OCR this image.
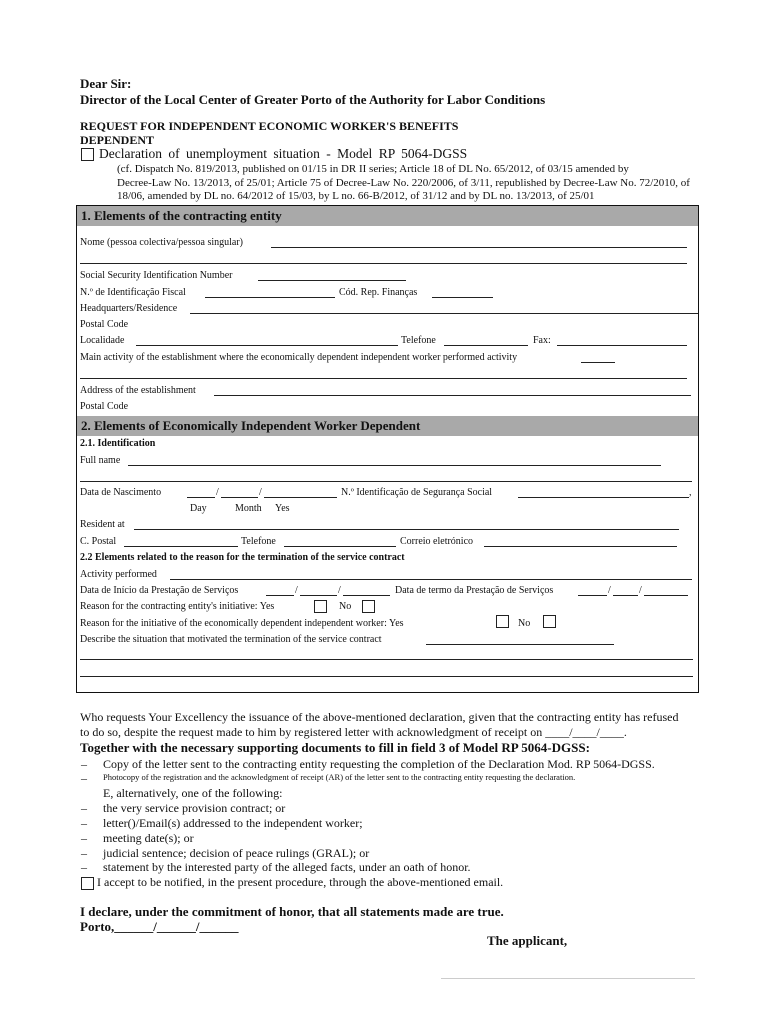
Dear Sir:
Director of the Local Center of Greater Porto of the Authority for Labor Conditions
REQUEST FOR INDEPENDENT ECONOMIC WORKER'S BENEFITS
DEPENDENT
Declaration of unemployment situation - Model RP 5064-DGSS
(cf. Dispatch No. 819/2013, published on 01/15 in DR II series; Article 18 of DL No. 65/2012, of 03/15 amended by
Decree-Law No. 13/2013, of 25/01; Article 75 of Decree-Law No. 220/2006, of 3/11, republished by Decree-Law No. 72/2010, of
18/06, amended by DL no. 64/2012 of 15/03, by L no. 66-B/2012, of 31/12 and by DL no. 13/2013, of 25/01
1. Elements of the contracting entity
Nome (pessoa colectiva/pessoa singular)
Social Security Identification Number
N.º de Identificação Fiscal	Cód. Rep. Finanças
Headquarters/Residence
Postal Code
Localidade	Telefone	Fax:
Main activity of the establishment where the economically dependent independent worker performed activity
Address of the establishment
Postal Code
2. Elements of Economically Independent Worker Dependent
2.1. Identification
Full name
Data de Nascimento	/	/	N.º Identificação de Segurança Social	,
Day	Month Yes
Resident at
C. Postal	Telefone	Correio eletrónico
2.2 Elements related to the reason for the termination of the service contract
Activity performed
Data de Início da Prestação de Serviços	/	/	Data de termo da Prestação de Serviços	/	/
Reason for the contracting entity's initiative: Yes	No
Reason for the initiative of the economically dependent independent worker: Yes	No
Describe the situation that motivated the termination of the service contract
Who requests Your Excellency the issuance of the above-mentioned declaration, given that the contracting entity has refused
to do so, despite the request made to him by registered letter with acknowledgment of receipt on ____/____/____.
Together with the necessary supporting documents to fill in field 3 of Model RP 5064-DGSS:
– Copy of the letter sent to the contracting entity requesting the completion of the Declaration Mod. RP 5064-DGSS.
– Photocopy of the registration and the acknowledgment of receipt (AR) of the letter sent to the contracting entity requesting the declaration.
E, alternatively, one of the following:
– the very service provision contract; or
– letter()/Email(s) addressed to the independent worker;
– meeting date(s); or
– judicial sentence; decision of peace rulings (GRAL); or
– statement by the interested party of the alleged facts, under an oath of honor.
I accept to be notified, in the present procedure, through the above-mentioned email.
I declare, under the commitment of honor, that all statements made are true.
Porto,______/______/______
The applicant,
